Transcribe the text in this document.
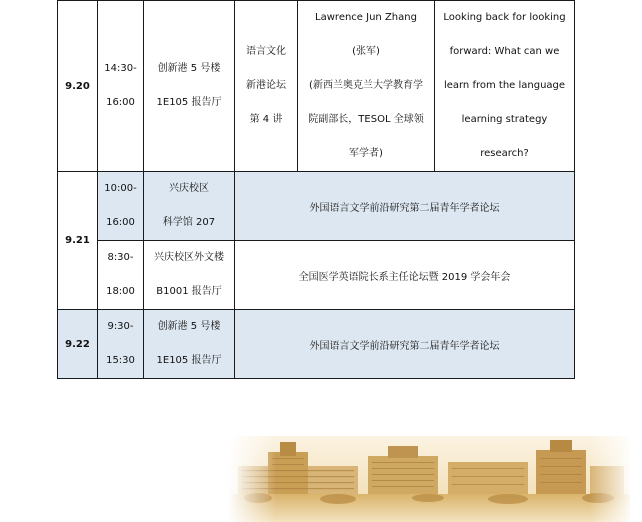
9.20	14:30-
16:00	创新港 5 号楼
1E105 报告厅	语言文化
新港论坛
第 4 讲	Lawrence Jun Zhang
(张军)
(新西兰奥克兰大学教育学
院副部长，TESOL 全球领
军学者)	Looking back for looking
forward: What can we
learn from the language
learning strategy
research?

9.21	10:00-
16:00	兴庆校区
科学馆 207	外国语言文学前沿研究第二届青年学者论坛		

	8:30-
18:00	兴庆校区外文楼
B1001 报告厅	全国医学英语院长系主任论坛暨 2019 学会年会		
9.22	9:30-
15:30	创新港 5 号楼
1E105 报告厅	外国语言文学前沿研究第二届青年学者论坛		
